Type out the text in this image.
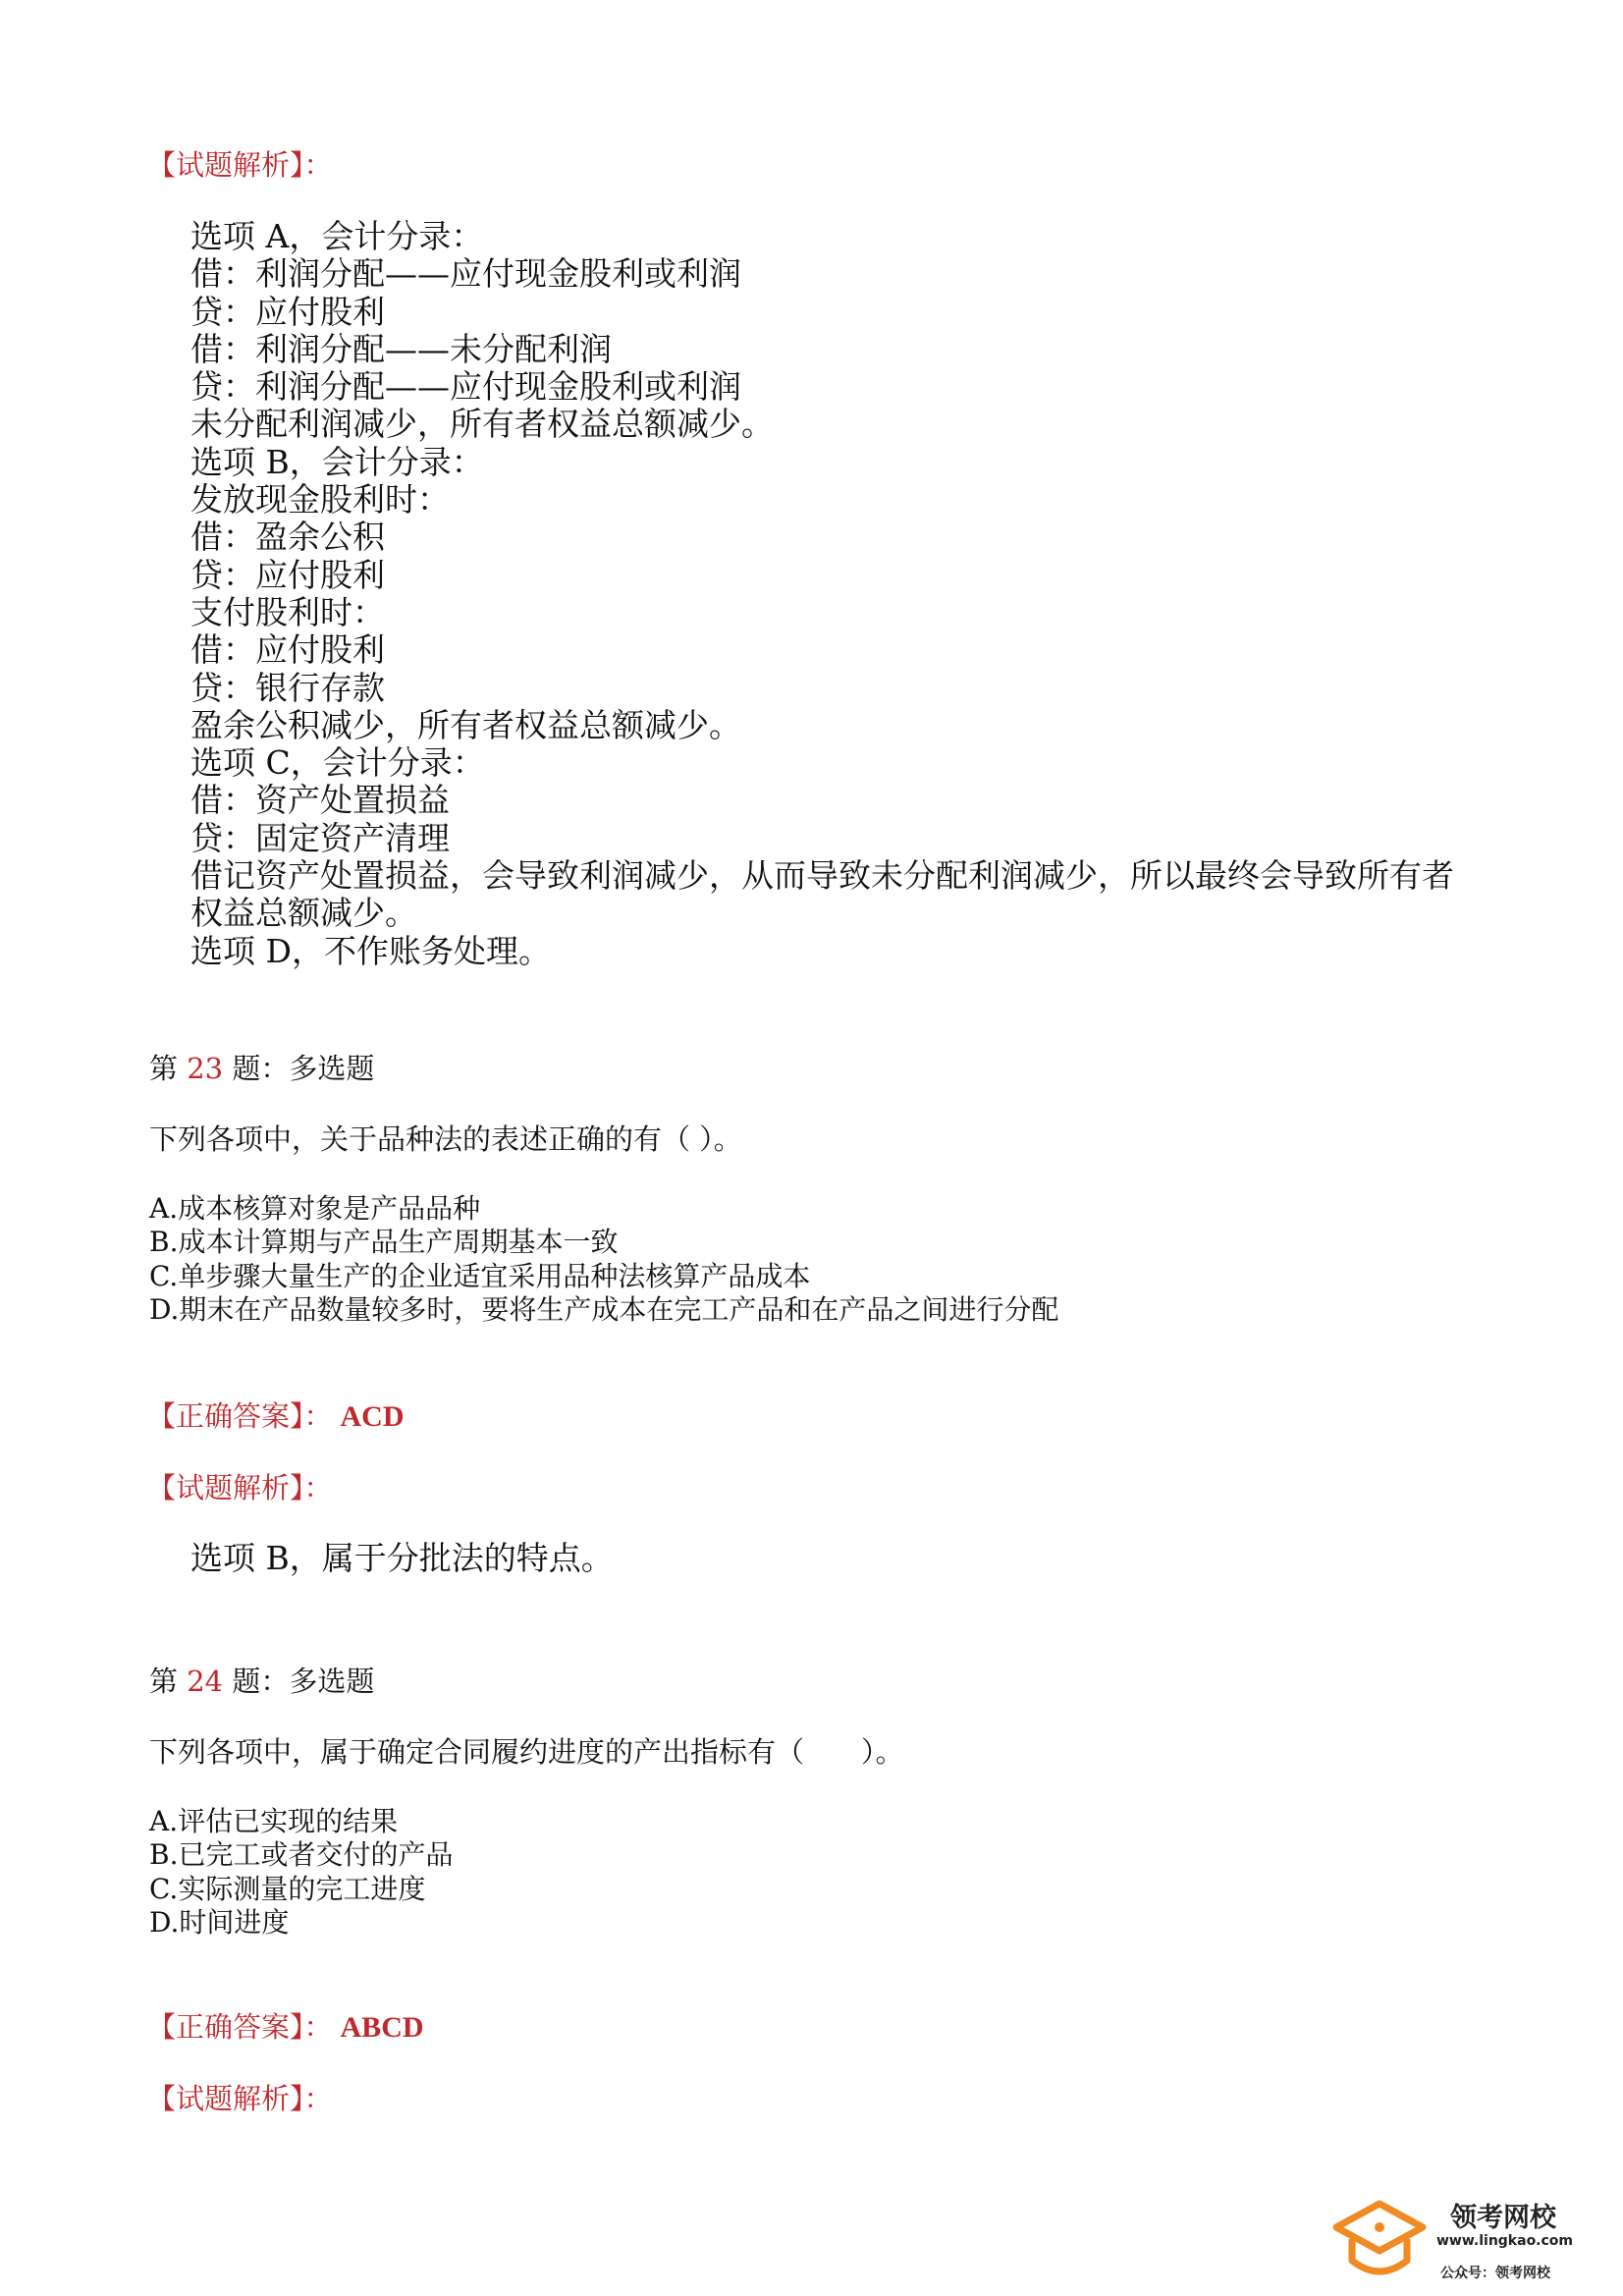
【试题解析】：
选项 A，会计分录：
借：利润分配——应付现金股利或利润
贷：应付股利
借：利润分配——未分配利润
贷：利润分配——应付现金股利或利润
未分配利润减少，所有者权益总额减少。
选项 B，会计分录：
发放现金股利时：
借：盈余公积
贷：应付股利
支付股利时：
借：应付股利
贷：银行存款
盈余公积减少，所有者权益总额减少。
选项 C，会计分录：
借：资产处置损益
贷：固定资产清理
借记资产处置损益，会导致利润减少，从而导致未分配利润减少，所以最终会导致所有者
权益总额减少。
选项 D，不作账务处理。
第 23 题：多选题
下列各项中，关于品种法的表述正确的有（ ）。
A.成本核算对象是产品品种
B.成本计算期与产品生产周期基本一致
C.单步骤大量生产的企业适宜采用品种法核算产品成本
D.期末在产品数量较多时，要将生产成本在完工产品和在产品之间进行分配
【正确答案】： ACD
【试题解析】：
选项 B，属于分批法的特点。
第 24 题：多选题
下列各项中，属于确定合同履约进度的产出指标有（　　）。
A.评估已实现的结果
B.已完工或者交付的产品
C.实际测量的完工进度
D.时间进度
【正确答案】： ABCD
【试题解析】：
领考网校
www.lingkao.com
公众号：领考网校
